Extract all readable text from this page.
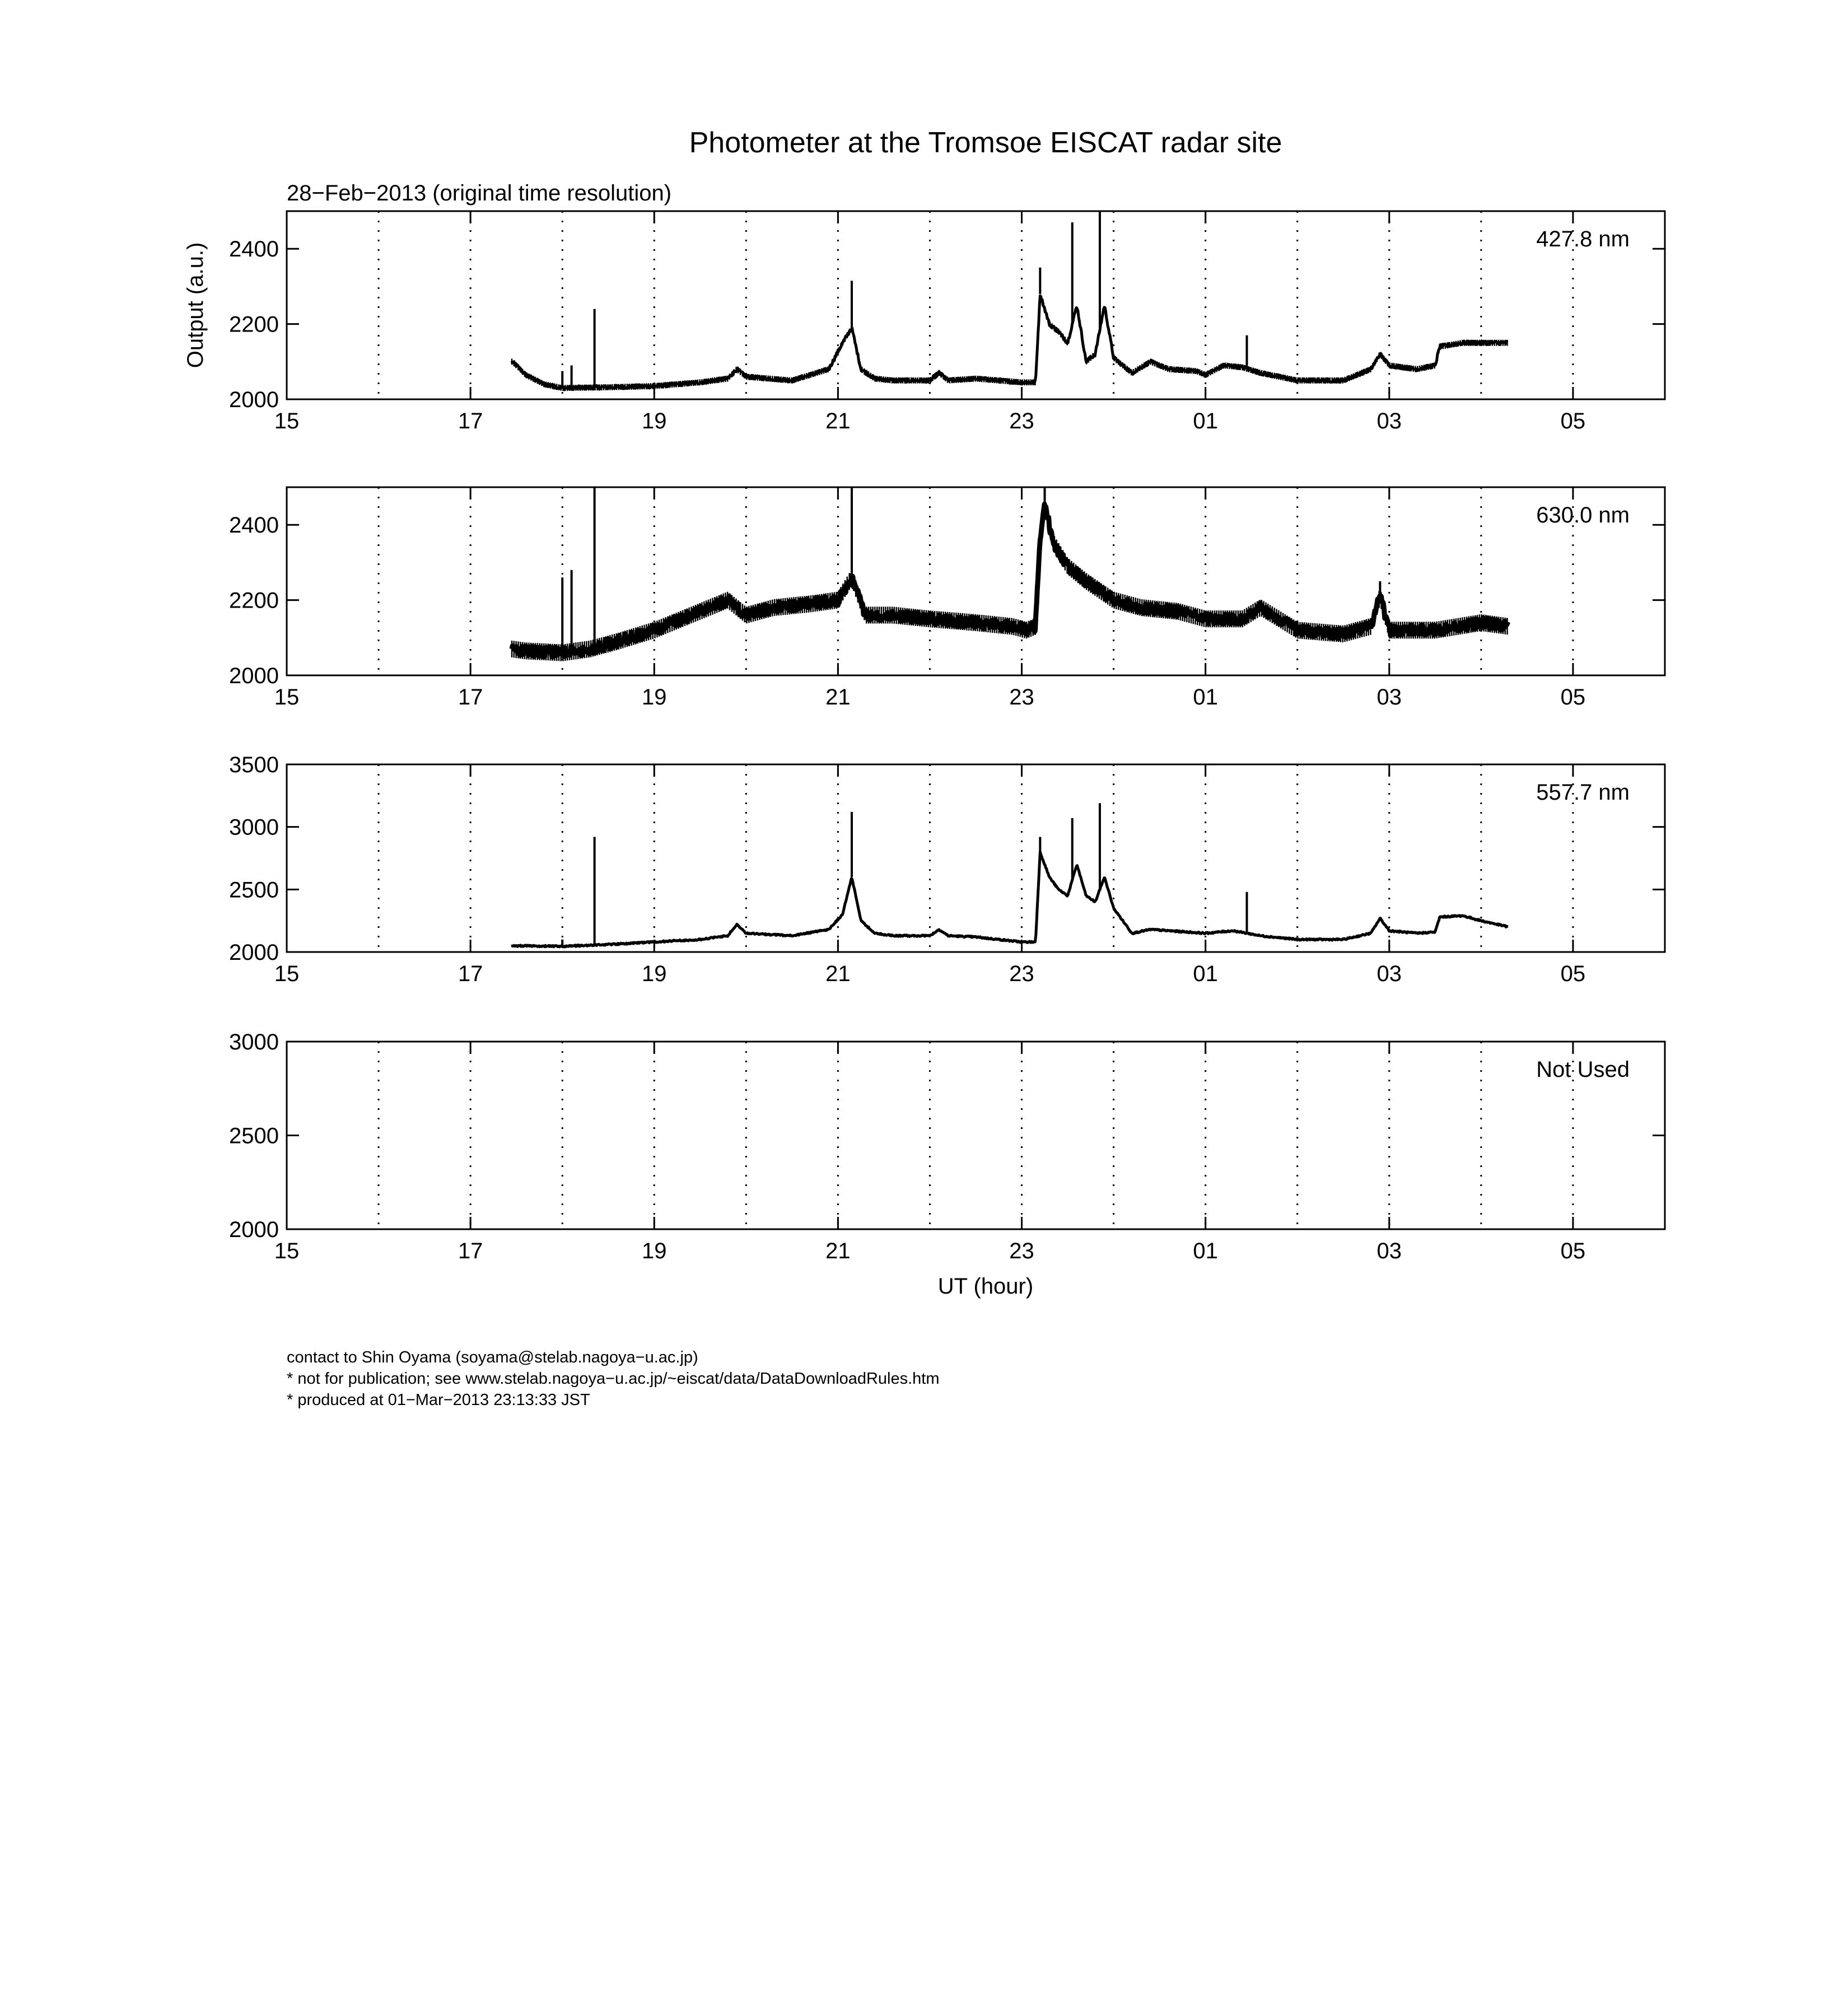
Photometer at the Tromsoe EISCAT radar site
28−Feb−2013 (original time resolution)
Output (a.u.)
UT (hour)
15	17	19	21	23	01	03	05
2000
2200
2400	427.8 nm
15	17	19	21	23	01	03	05
2000
2200
2400	630.0 nm
15	17	19	21	23	01	03	05
2000
2500
3000
3500
557.7 nm
15	17	19	21	23	01	03	05
2000
2500
3000
Not Used
contact to Shin Oyama (soyama@stelab.nagoya−u.ac.jp)
* not for publication; see www.stelab.nagoya−u.ac.jp/~eiscat/data/DataDownloadRules.htm
* produced at 01−Mar−2013 23:13:33 JST
